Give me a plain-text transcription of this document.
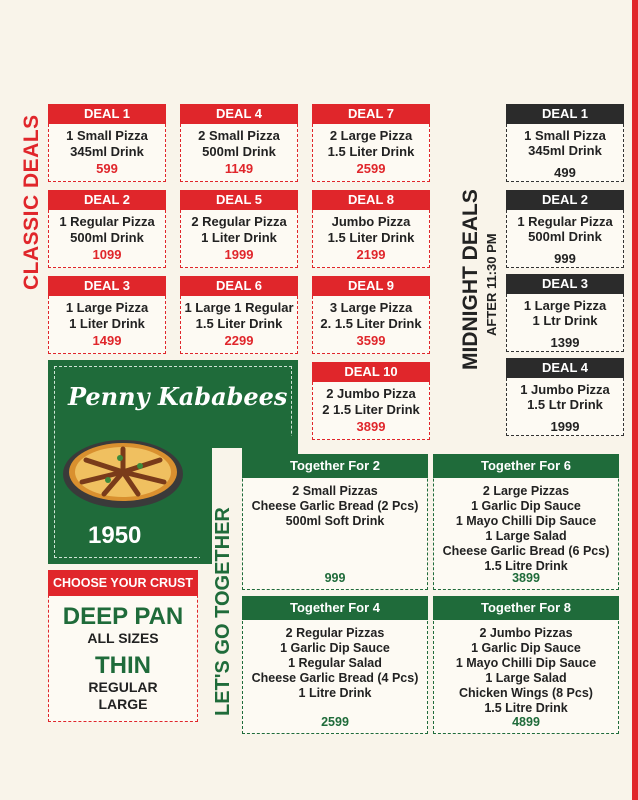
CLASSIC DEALS
DEAL 1
1 Small Pizza
345ml Drink
599
DEAL 2
1 Regular Pizza
500ml Drink
1099
DEAL 3
1 Large Pizza
1 Liter Drink
1499
DEAL 4
2 Small Pizza
500ml Drink
1149
DEAL 5
2 Regular Pizza
1 Liter Drink
1999
DEAL 6
1 Large 1 Regular
1.5 Liter Drink
2299
DEAL 7
2 Large Pizza
1.5 Liter Drink
2599
DEAL 8
Jumbo Pizza
1.5 Liter Drink
2199
DEAL 9
3 Large Pizza
2. 1.5 Liter Drink
3599
DEAL 10
2 Jumbo Pizza
2 1.5 Liter Drink
3899
MIDNIGHT DEALS AFTER 11:30 PM
DEAL 1
1 Small Pizza
345ml Drink
499
DEAL 2
1 Regular Pizza
500ml Drink
999
DEAL 3
1 Large Pizza
1 Ltr Drink
1399
DEAL 4
1 Jumbo Pizza
1.5 Ltr Drink
1999
Penny Kababees
1950
CHOOSE YOUR CRUST
DEEP PAN
ALL SIZES
THIN
REGULAR
LARGE	LET'S GO TOGETHER
Together For 2
2 Small Pizzas
Cheese Garlic Bread (2 Pcs)
500ml Soft Drink
999
Together For 6
2 Large Pizzas
1 Garlic Dip Sauce
1 Mayo Chilli Dip Sauce
1 Large Salad
Cheese Garlic Bread (6 Pcs)
1.5 Litre Drink
3899
Together For 4
2 Regular Pizzas
1 Garlic Dip Sauce
1 Regular Salad
Cheese Garlic Bread (4 Pcs)
1 Litre Drink
2599
Together For 8
2 Jumbo Pizzas
1 Garlic Dip Sauce
1 Mayo Chilli Dip Sauce
1 Large Salad
Chicken Wings (8 Pcs)
1.5 Litre Drink
4899
